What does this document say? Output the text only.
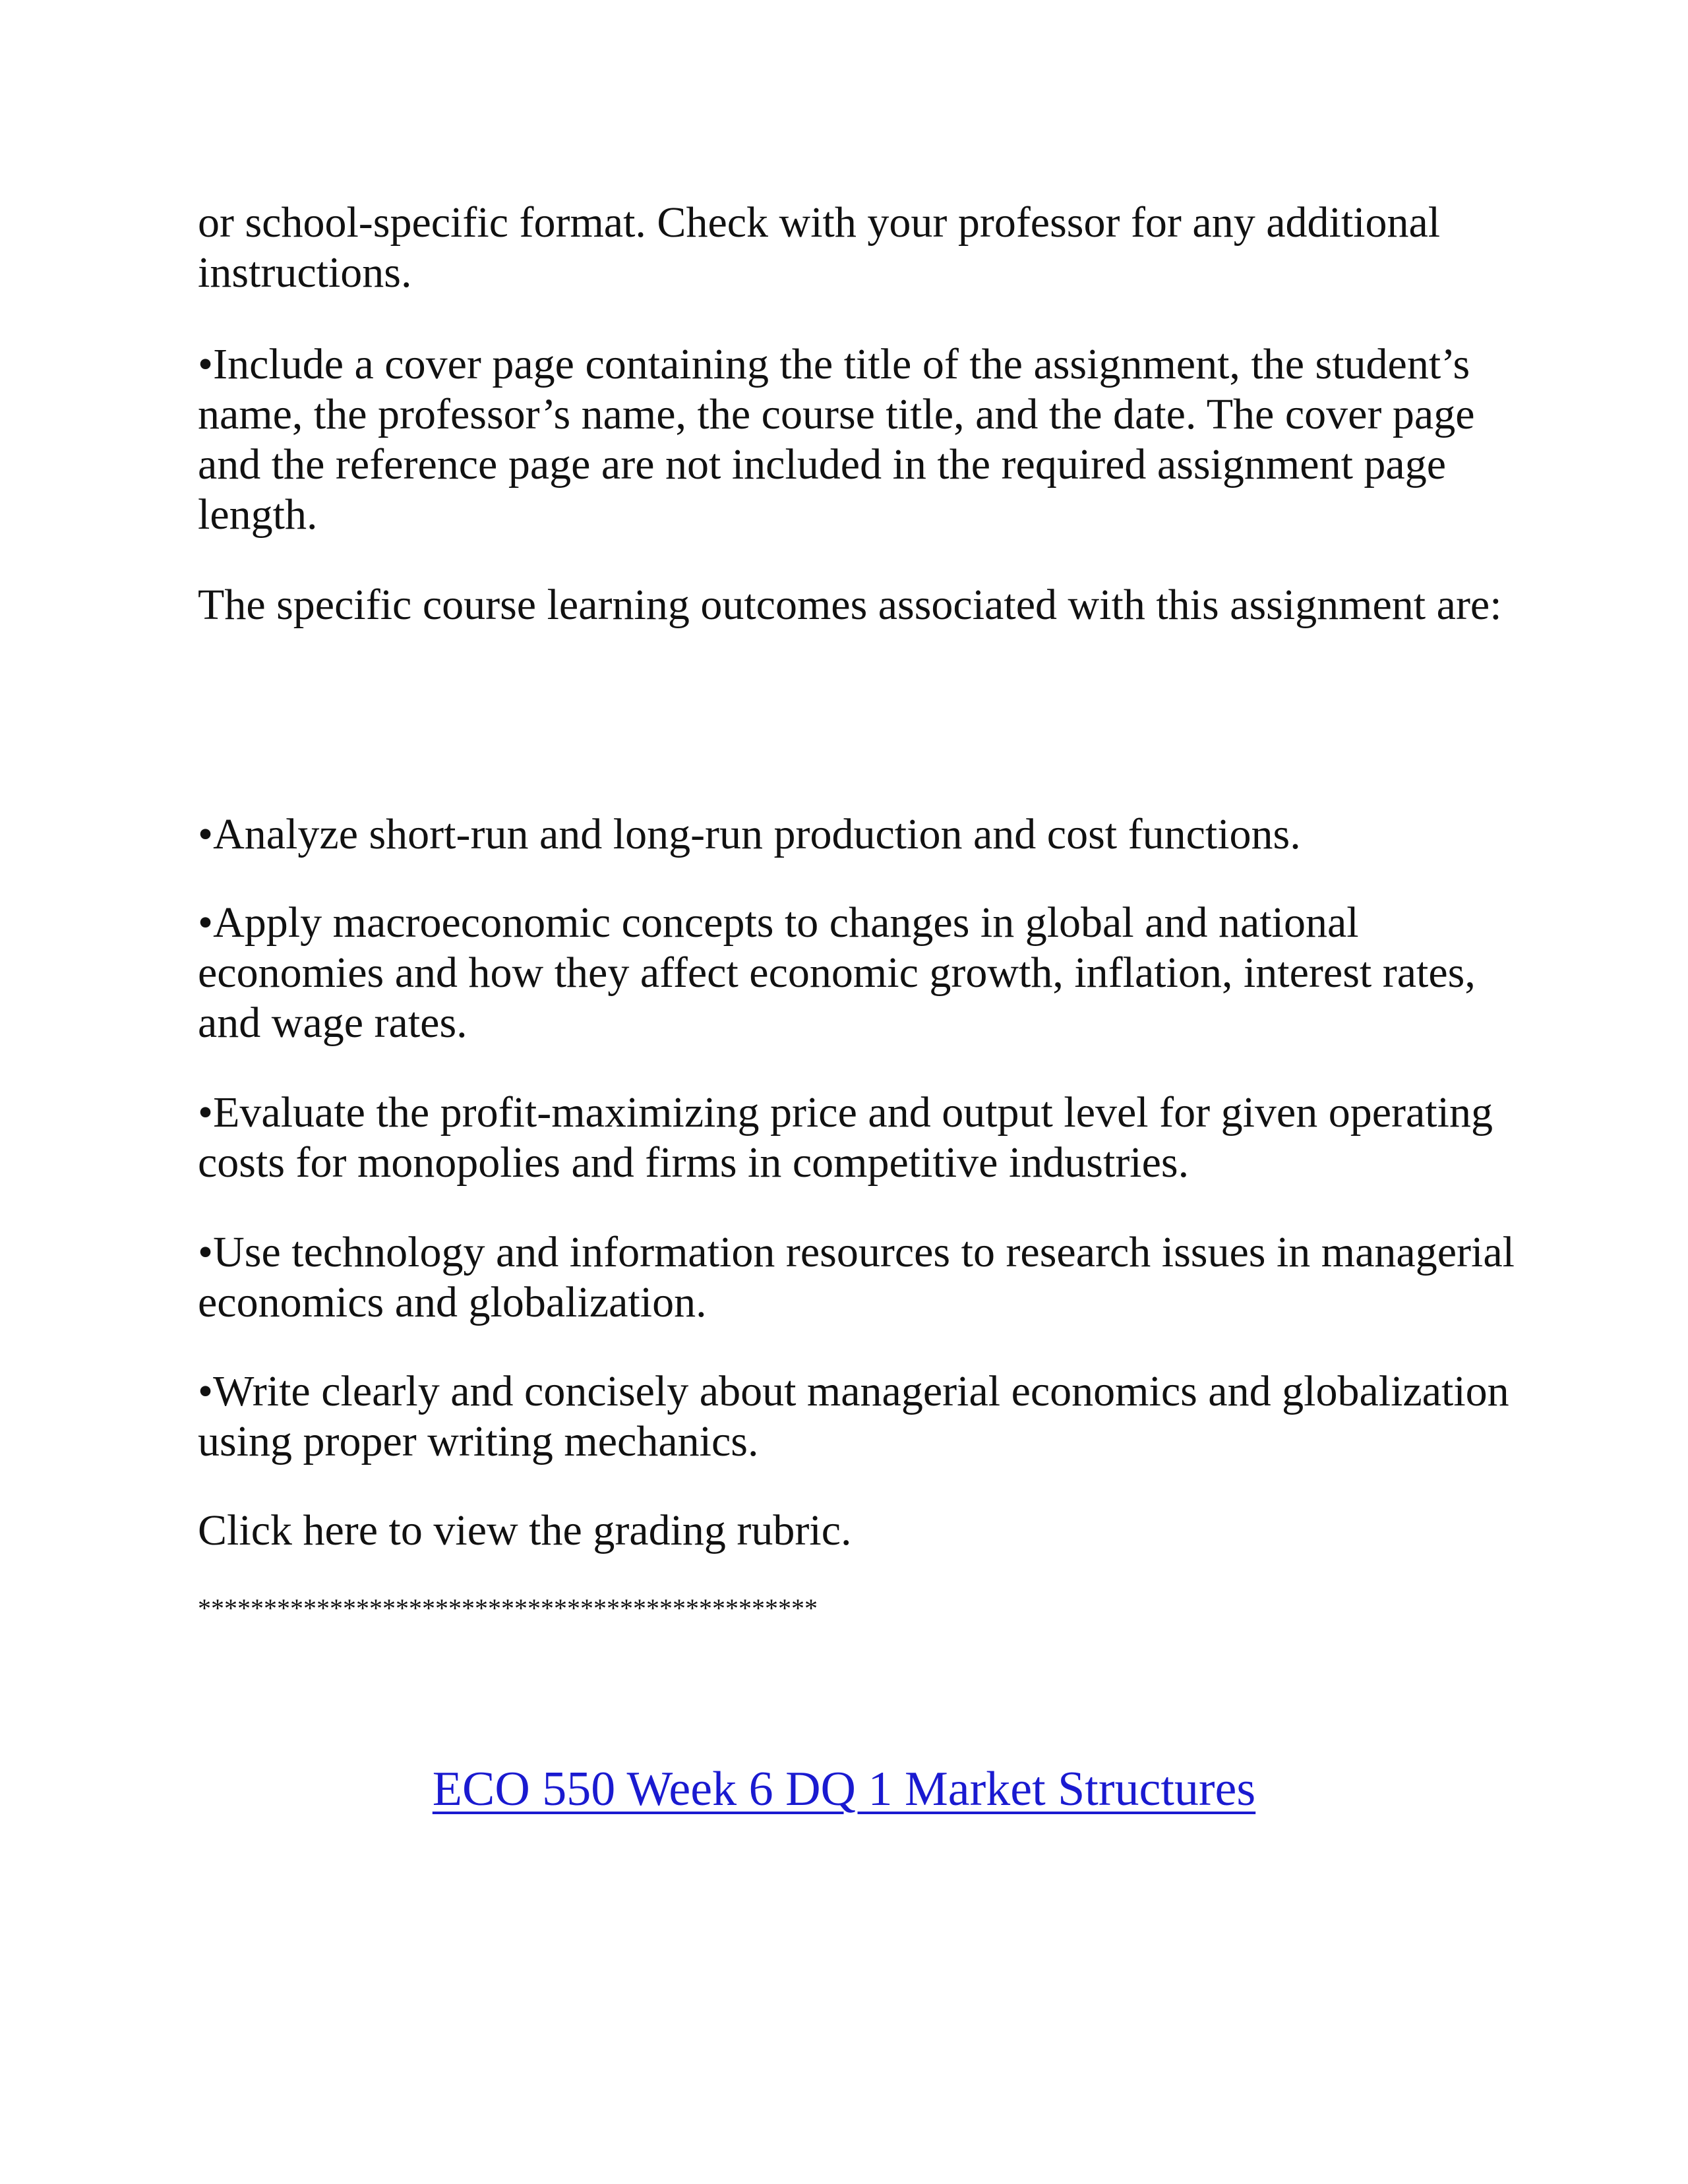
or school-specific format. Check with your professor for any additional instructions.

•Include a cover page containing the title of the assignment, the student’s name, the professor’s name, the course title, and the date. The cover page and the reference page are not included in the required assignment page length.

The specific course learning outcomes associated with this assignment are:

•Analyze short-run and long-run production and cost functions.

•Apply macroeconomic concepts to changes in global and national economies and how they affect economic growth, inflation, interest rates, and wage rates.

•Evaluate the profit-maximizing price and output level for given operating costs for monopolies and firms in competitive industries.

•Use technology and information resources to research issues in managerial economics and globalization.

•Write clearly and concisely about managerial economics and globalization using proper writing mechanics.

Click here to view the grading rubric.

***********************************************

ECO 550 Week 6 DQ 1 Market Structures
